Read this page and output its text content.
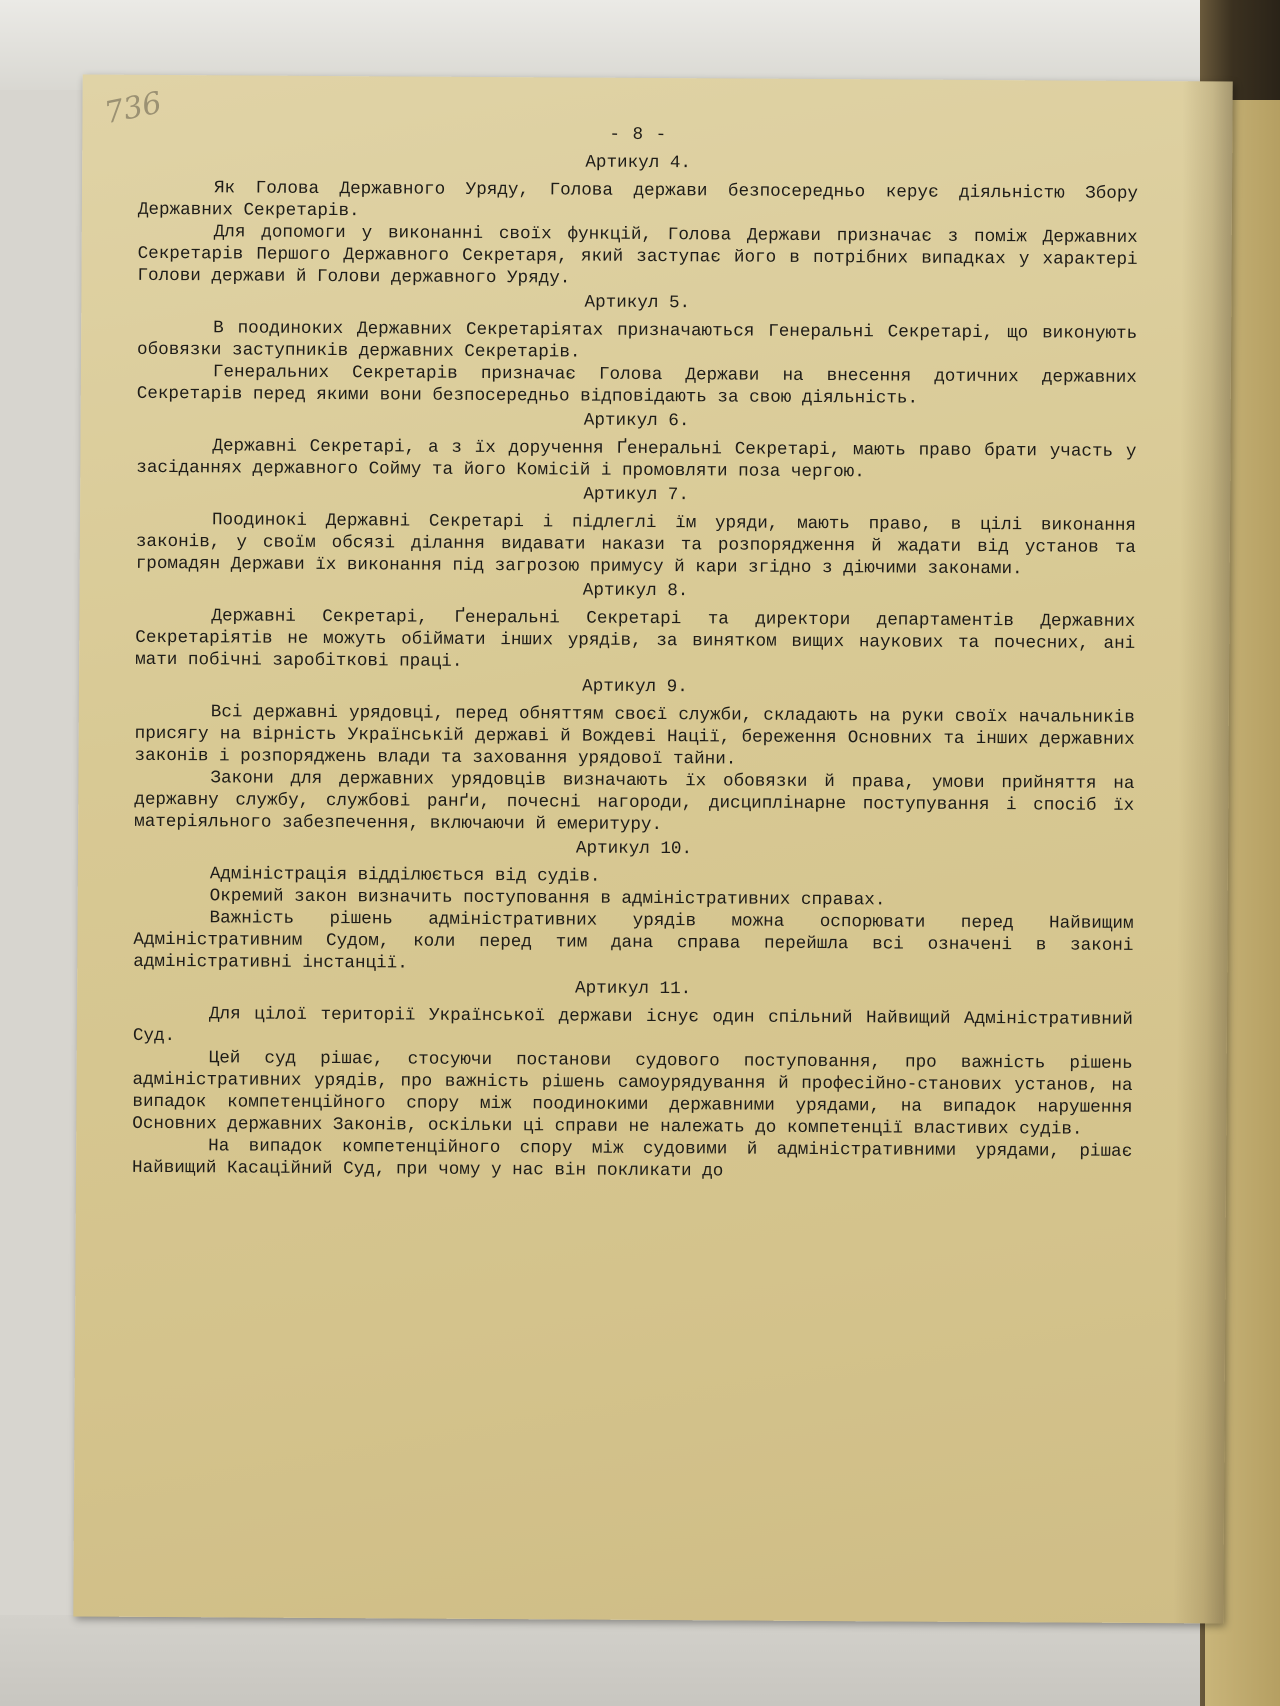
736
- 8 -
Артикул 4.

Як Голова Державного Уряду, Голова держави безпосередньо керує діяльністю Збору Державних Секретарів.

Для допомоги у виконанні своїх функцій, Голова Держави призначає з поміж Державних Секретарів Першого Державного Секретаря, який заступає його в потрібних випадках у характері Голови держави й Голови державного Уряду.

Артикул 5.

В поодиноких Державних Секретаріятах призначаються Генеральні Секретарі, що виконують обовязки заступників державних Секретарів.

Генеральних Секретарів призначає Голова Держави на внесення дотичних державних Секретарів перед якими вони безпосередньо відповідають за свою діяльність.

Артикул 6.

Державні Секретарі, а з їх доручення Ґенеральні Секретарі, мають право брати участь у засіданнях державного Сойму та його Комісій і промовляти поза чергою.

Артикул 7.

Поодинокі Державні Секретарі і підлеглі їм уряди, мають право, в цілі виконання законів, у своїм обсязі ділання видавати накази та розпорядження й жадати від установ та громадян Держави їх виконання під загрозою примусу й кари згідно з діючими законами.

Артикул 8.

Державні Секретарі, Ґенеральні Секретарі та директори департаментів Державних Секретаріятів не можуть обіймати інших урядів, за винятком вищих наукових та почесних, ані мати побічні заробіткові праці.

Артикул 9.

Всі державні урядовці, перед обняттям своєї служби, складають на руки своїх начальників присягу на вірність Українській державі й Вождеві Нації, береження Основних та інших державних законів і розпоряджень влади та заховання урядової тайни.

Закони для державних урядовців визначають їх обовязки й права, умови прийняття на державну службу, службові ранґи, почесні нагороди, дисциплінарне поступування і спосіб їх матеріяльного забезпечення, включаючи й емеритуру.

Артикул 10.

Адміністрація відділюється від судів.

Окремий закон визначить поступовання в адміністративних справах.

Важність рішень адміністративних урядів можна оспорювати перед Найвищим Адміністративним Судом, коли перед тим дана справа перейшла всі означені в законі адміністративні інстанції.

Артикул 11.

Для цілої території Української держави існує один спільний Найвищий Адміністративний Суд.

Цей суд рішає, стосуючи постанови судового поступовання, про важність рішень адміністративних урядів, про важність рішень самоурядування й професійно-станових установ, на випадок компетенційного спору між поодинокими державними урядами, на випадок нарушення Основних державних Законів, оскільки ці справи не належать до компетенції властивих судів.

На випадок компетенційного спору між судовими й адміністративними урядами, рішає Найвищий Касаційний Суд, при чому у нас він покликати до
